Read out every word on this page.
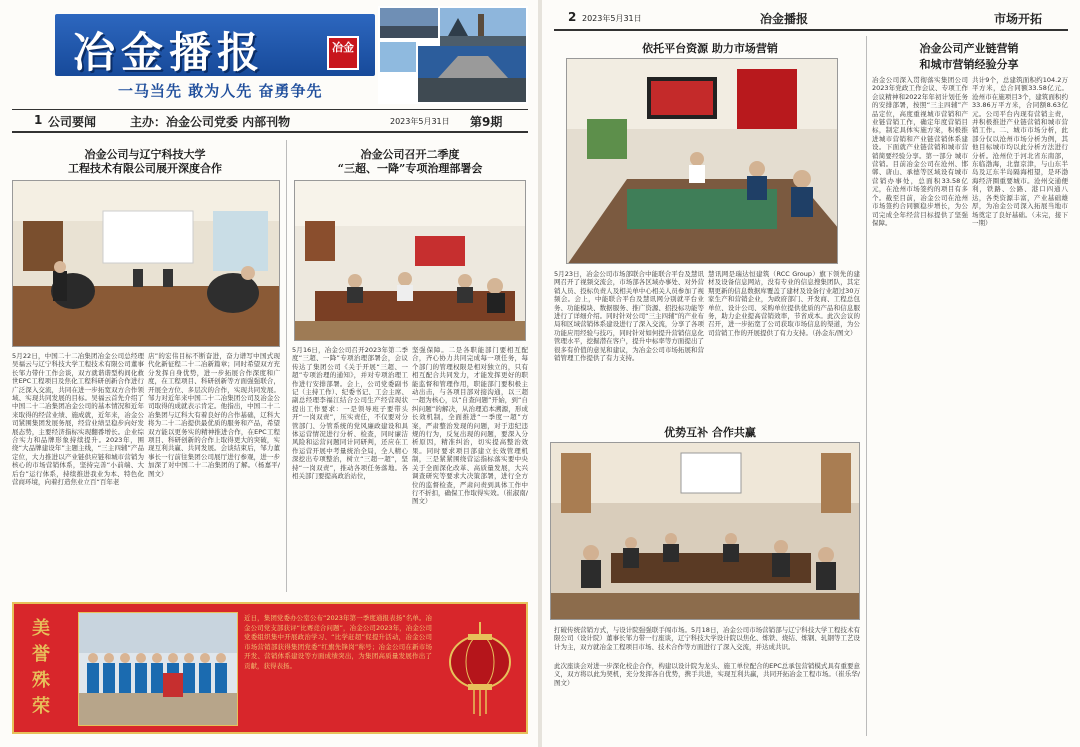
冶金播报	冶金
一马当先 敢为人先 奋勇争先
1 公司要闻	主办：冶金公司党委 内部刊物	2023年5月31日 第9期
冶金公司与辽宁科技大学
工程技术有限公司展开深度合作
5月22日，中国二十二冶集团冶金公司总经理吴福云与辽宁科技大学工程技术有限公司董事长邹力带什工作会谈，双方就谐谐型构间化救世EPC工程项目及焦化工程科研创新合作进行广泛深入交流，共同在进一步拓宽双方合作领域、实现共同发展的目标。吴福云首先介绍了中国二十二冶集团冶金公司的基本情况和近年来取得的经营业绩、施成就，近年来，冶金公司紧围集团发展务展，经营业绩呈稳步向好发展态势，主要经济指标实现翻番增长。企业综合实力和品牌形象持续提升。2023年，围绕“大品牌建设年”主题主线，“三主四辅”产品定位，大力推进以产业链供应链和城市营销为核心的市场营销体系，坚持完善“小前端、大后台”运行体系，持续推进我业为本、特色化营商环境，向着打造焦业立百“百年老
店”的宏伟目标不断奋进，奋力谱写中国式现代化新征程二十二冶新篇章；同时希望双方充分发挥自身优势，进一步拓展合作深度和广度，在工程项目、科研创新等方面强强联合，开展全方位、多层次的合作，实现共同发展。邹力对近年来中国二十二冶集团公司及冶金公司取得的成就表示肯定。他指出，中国二十二冶集团与辽科大有着良好的合作基础，辽科大将为二十二冶提供最优质的服务和产品，希望双方能以更务实的精神推进合作，在EPC工程项目、科研创新的合作上取得更大的突破，实现互利共赢、共同发展。会谈结束后，邹力董事长一行前往集团公司展厅进行参观，进一步加深了对中国二十二冶集团的了解。（杨嘉平/图文）
冶金公司召开二季度
“三超、一降”专项治理部署会
5月16日，冶金公司召开2023年第二季度“三超、一降”专项治理部署会，会议传达了集团公司《关于开展“三超、一超”专项治理的通知》，并对专项治理工作进行安排部署。会上，公司党委副书记（主持工作）、纪委书记、工会主席、副总经理李福江结合公司生产经营现状提出工作要求：一是领导班子要带头开“一岗双责”，压实责任，不仅要对分管部门、分管系统的党风廉政建设和具体运营情况进行分析、检查，同时廉洁风险和运营问题同计同研判，还应在工作运营开展中考量统治全局，全人精心深挖出专项整治，树立“三超一超”，坚持“一岗双责”，推动各项任务落地。各相关部门要提高政治站位，
坚强保障。二是各职能部门要相互配合，齐心协力共同完成每一项任务，每个部门的管理权限是相对独立的，只有相互配合共同发力，才能发挥更好的职能监督和管理作用，职能部门要积极主动出击，与各项目部对接沟通，以三超一超为核心，以“自查问题”开始，到“自纠问题”的解决，从治理追本溯源，形成长效机制，全面推进“一季度一超”方案，严肃整治发现的问题，对于违纪违规的行为，反复出现的问题，要深入分析原因，精准纠治，切实提高整治效果。同时要求项目部建立长效管理机制，三是紧紧围绕营运指标落实要中央关于全面深化改革、高质量发展，大兴调查研究等要求大决策部署，进行全方位的监督检查，严肃问责到具体工作中行不折扣，确保工作取得实效。（崔淑南/图文）
美
誉
殊
荣
近日，集团党委办公室公布“2023年第一季度通报表扬”名单。冶金公司党支部获评“比赛竞合问题”，冶金公司2023年，冶金公司党委组织集中开展政治学习、“比学赶超”促提升活动，冶金公司市场营销部获得集团党委“红旗先锋岗”称号；冶金公司在新市场开发、营销体系建设等方面成绩突出，为集团高质量发展作出了贡献，获得表扬。
2 2023年5月31日	冶金播报	市场开拓
依托平台资源 助力市场营销
5月23日，冶金公司市场部联合中能联合平台及慧讯网召开了视频交流会，市场部各区域办事处、对外营销人员、投标负责人及相关单中心相关人员参加了视频会。会上，中能联合平台及慧讯网分别就平台业务、功能模块、数据服务、推广资源、招投标功能等进行了详细介绍。同时针对公司“三主四辅”的产业布局和区域营销体系建设进行了深入交流，分享了各项功能应用经验与技巧，同时针对如何提升营销信息化管理水平，挖掘潜在客户，提升中标率等方面提出了很多有价值的意见和建议，为冶金公司市场拓展和营销管理工作提供了有力支持。
慧讯网是瑞达恒建筑（RCC Group）旗下领先的建材及设备信息网站，没有专业的信息搜集团队，其定期更新的信息数据库覆盖了建材及设备行业超过30万家生产和营销企业，为政府部门、开发商、工程总包单位、设计公司、采购单位提供优质的产品和信息服务，助力企业提高营销效率，节省成本。此次会议的召开，进一步拓宽了公司获取市场信息的渠道，为公司营销工作的开展提供了有力支持。（孙金东/图文）
优势互补 合作共赢
打破传统营销方式，与设计院强强联手闯市场。5月18日，冶金公司市场营销部与辽宁科技大学工程技术有限公司（设计院）董事长邹力带一行座谈，辽宁科技大学设计院以焦化、炼铁、烧结、炼钢、轧钢等工艺设计为主，双方就冶金工程项目市场、技术合作等方面进行了深入交流，并达成共识。
此次座谈会对进一步深化校企合作，构建以设计院为龙头、施工单位配合的EPC总承包营销模式具有重要意义，双方将以此为契机，充分发挥各自优势，携手共进，实现互利共赢，共同开拓冶金工程市场。（崔乐华/图文）
冶金公司产业链营销
和城市营销经验分享
冶金公司深入贯彻落实集团公司2023年党政工作会议、专项工作会议精神和2022年年初计划任务的安排部署，按照“三主四辅”产品定位，高度重视城市营销和产业链营销工作，确定年度营销目标，制定具体实施方案，积极推进城市营销和产业链营销体系建设。下面就产业链营销和城市营销简要经验分享。第一部分 城市营销。目前冶金公司在沧州、邯郸、唐山、承德等区域设有城市营销办事处，总面积33.58亿元，在沧州市场签约的项目有多个。截至目前，冶金公司在沧州市场签约合同额稳步增长，为公司完成全年经营目标提供了坚强保障。
共计9个，总建筑面积约104.2万平方米，总合同额33.58亿元。沧州市在施项目3个，建筑面积约33.86万平方米，合同额8.63亿元。公司平台内现有营销主责，并积极推进产业链营销和城市营销工作。二、城市市场分析，此部分仅以沧州市场分析为例，其他目标城市均以此分析方法进行分析。沧州位于河北省东南部，东临渤海，北靠京津，与山东半岛及辽东半岛隔海相望，是环渤海经济圈重要城市。沧州交通便利，铁路、公路、港口四通八达，各类资源丰富，产业基础雄厚，为冶金公司深入拓展当地市场奠定了良好基础。（未完，接下一期）
